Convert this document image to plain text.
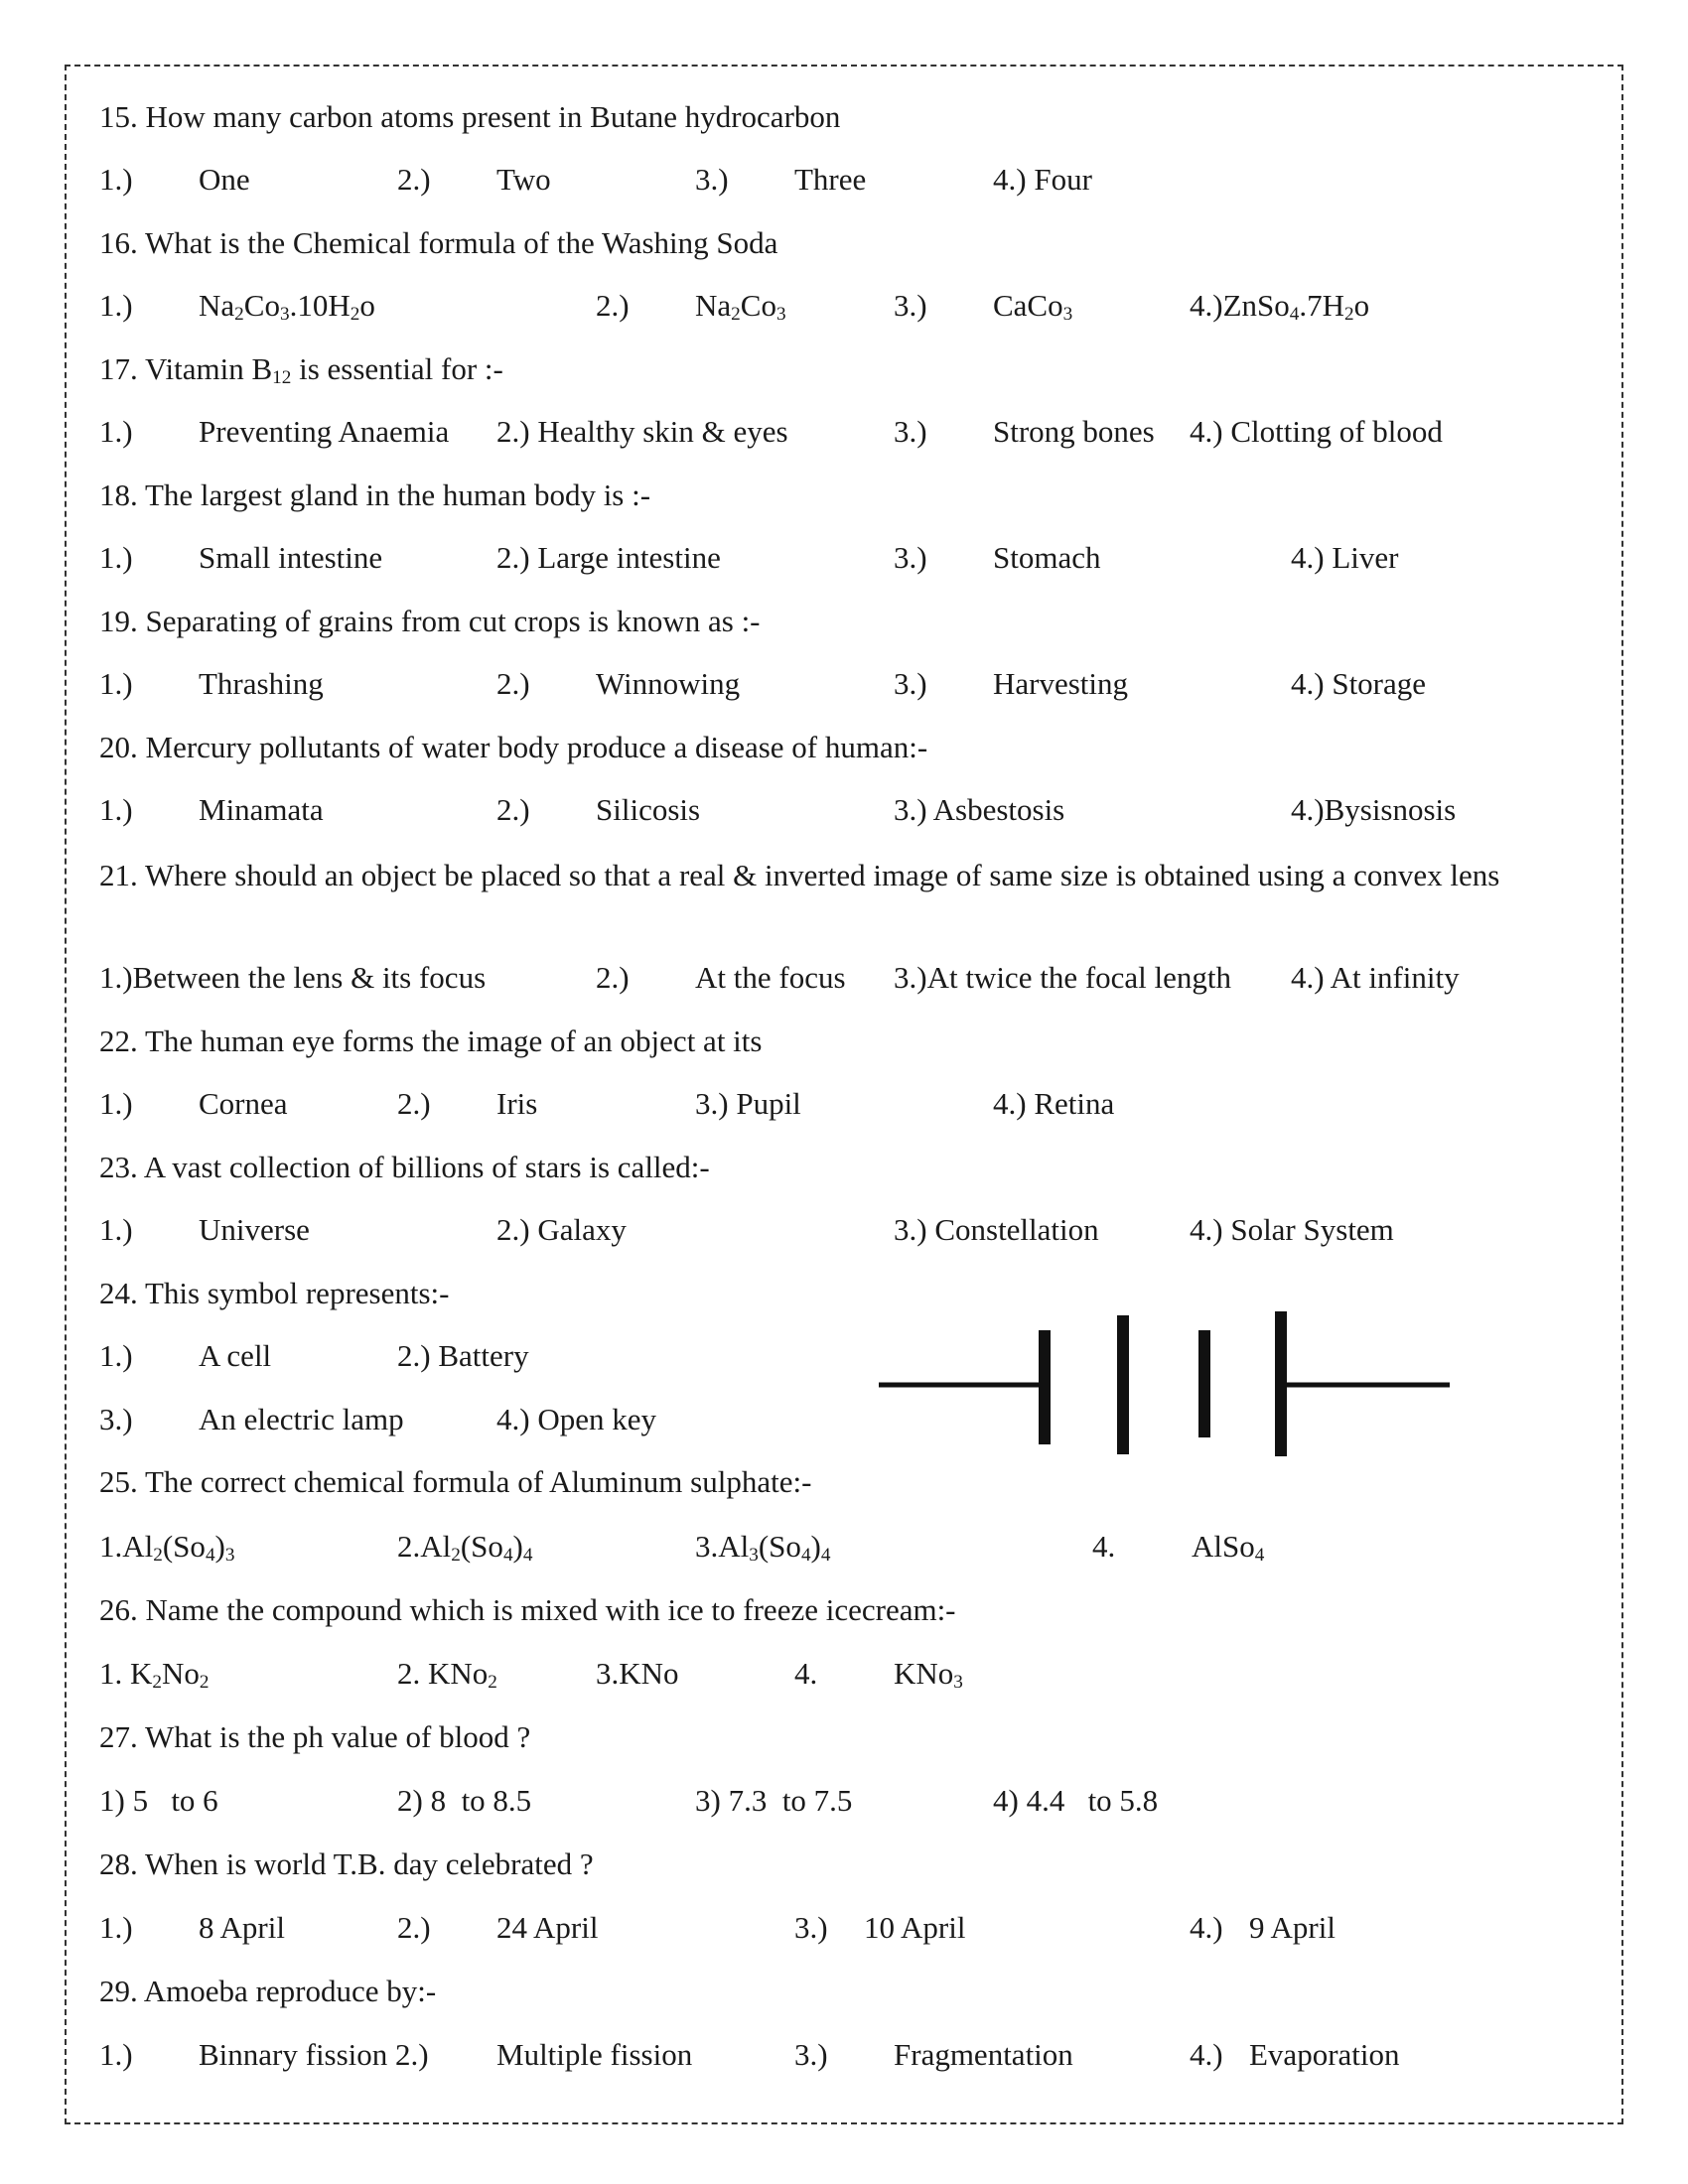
15. How many carbon atoms present in Butane hydrocarbon
1.) One	2.) Two	3.) Three	4.) Four
16. What is the Chemical formula of the Washing Soda
1.) $Na_2Co_3.10H_2o$	2.) $Na_2Co_3$	3.) CaCo$_3$	$4.)ZnSo_4.7H_2o$
17. Vitamin $B_{12}$ is essential for :-
1.) Preventing Anaemia 2.) Healthy skin & eyes	3.) Strong bones 4.) Clotting of blood
18. The largest gland in the human body is :-
1.) Small intestine	2.) Large intestine	3.) Stomach	4.) Liver
19. Separating of grains from cut crops is known as :-
1.) Thrashing	2.) Winnowing	3.) Harvesting	4.) Storage
20. Mercury pollutants of water body produce a disease of human:-
1.) Minamata	2.) Silicosis	3.) Asbestosis	4.)Bysisnosis
21. Where should an object be placed so that a real & inverted image of same size is obtained using a convex lens
1.)Between the lens & its focus	2.) At the focus 3.)At twice the focal length 4.) At infinity
22. The human eye forms the image of an object at its
1.) Cornea	2.) Iris	3.) Pupil	4.) Retina
23. A vast collection of billions of stars is called:-
1.) Universe	2.) Galaxy	3.) Constellation	4.) Solar System
24. This symbol represents:-
1.) A cell	2.) Battery
3.) An electric lamp	4.) Open key
25. The correct chemical formula of Aluminum sulphate:-
$1.Al_2(So_4)_3$	$2.Al_2(So_4)_4$	$3.Al_3(So_4)_4$	4. AlSo$_4$
26. Name the compound which is mixed with ice to freeze icecream:-
1. $K_2No_2$	2. KNo$_2$	3.KNo	4. KNo$_3$
27. What is the ph value of blood ?
1) 5   to 6	2) 8  to 8.5	3) 7.3  to 7.5	4) 4.4   to 5.8
28. When is world T.B. day celebrated ?
1.) 8 April	2.) 24 April	3.) 10 April	4.) 9 April
29. Amoeba reproduce by:-
1.) Binnary fission 2.) Multiple fission	3.) Fragmentation	4.) Evaporation
